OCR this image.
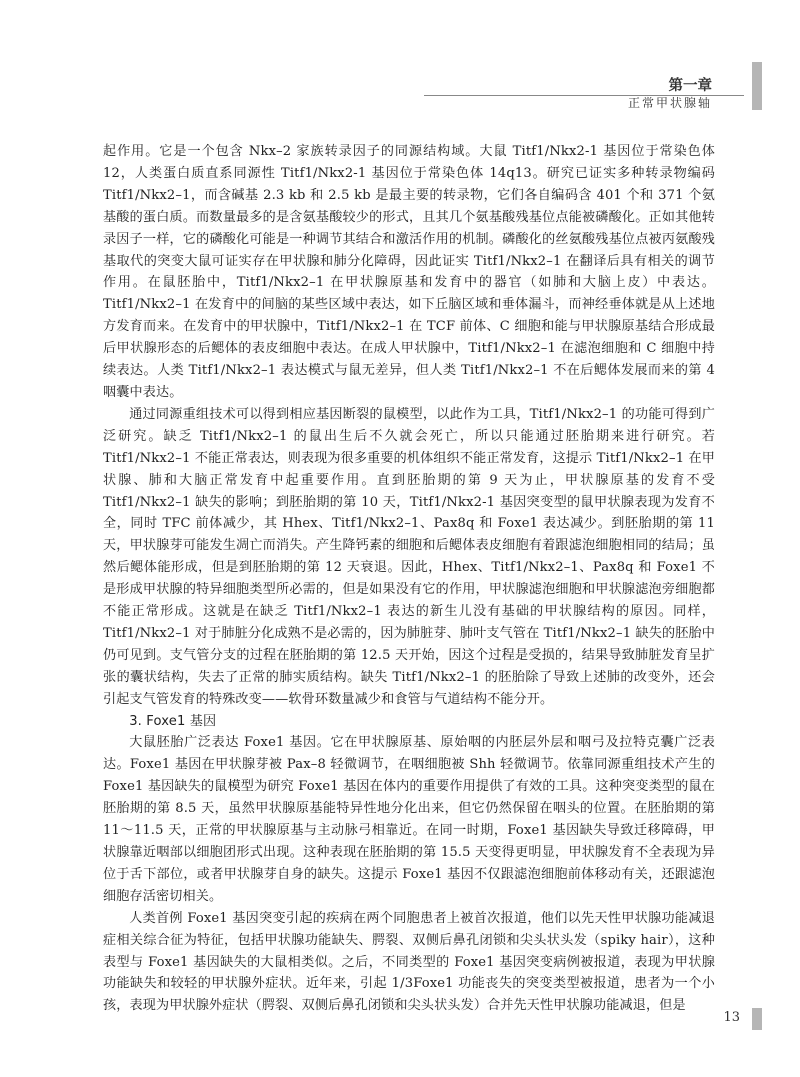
第一章
正常甲状腺轴

起作用。它是一个包含 Nkx–2 家族转录因子的同源结构域。大鼠 Titf1/Nkx2-1 基因位于常染色体 12，人类蛋白质直系同源性 Titf1/Nkx2-1 基因位于常染色体 14q13。研究已证实多种转录物编码 Titf1/Nkx2–1，而含碱基 2.3 kb 和 2.5 kb 是最主要的转录物，它们各自编码含 401 个和 371 个氨基酸的蛋白质。而数量最多的是含氨基酸较少的形式，且其几个氨基酸残基位点能被磷酸化。正如其他转录因子一样，它的磷酸化可能是一种调节其结合和激活作用的机制。磷酸化的丝氨酸残基位点被丙氨酸残基取代的突变大鼠可证实存在甲状腺和肺分化障碍，因此证实 Titf1/Nkx2–1 在翻译后具有相关的调节作用。在鼠胚胎中，Titf1/Nkx2–1 在甲状腺原基和发育中的器官（如肺和大脑上皮）中表达。Titf1/Nkx2–1 在发育中的间脑的某些区域中表达，如下丘脑区域和垂体漏斗，而神经垂体就是从上述地方发育而来。在发育中的甲状腺中，Titf1/Nkx2–1 在 TCF 前体、C 细胞和能与甲状腺原基结合形成最后甲状腺形态的后鳃体的表皮细胞中表达。在成人甲状腺中，Titf1/Nkx2–1 在滤泡细胞和 C 细胞中持续表达。人类 Titf1/Nkx2–1 表达模式与鼠无差异，但人类 Titf1/Nkx2–1 不在后鳃体发展而来的第 4 咽囊中表达。

通过同源重组技术可以得到相应基因断裂的鼠模型，以此作为工具，Titf1/Nkx2–1 的功能可得到广泛研究。缺乏 Titf1/Nkx2–1 的鼠出生后不久就会死亡，所以只能通过胚胎期来进行研究。若 Titf1/Nkx2–1 不能正常表达，则表现为很多重要的机体组织不能正常发育，这提示 Titf1/Nkx2–1 在甲状腺、肺和大脑正常发育中起重要作用。直到胚胎期的第 9 天为止，甲状腺原基的发育不受 Titf1/Nkx2–1 缺失的影响；到胚胎期的第 10 天，Titf1/Nkx2-1 基因突变型的鼠甲状腺表现为发育不全，同时 TFC 前体减少，其 Hhex、Titf1/Nkx2–1、Pax8q 和 Foxe1 表达减少。到胚胎期的第 11 天，甲状腺芽可能发生凋亡而消失。产生降钙素的细胞和后鳃体表皮细胞有着跟滤泡细胞相同的结局；虽然后鳃体能形成，但是到胚胎期的第 12 天衰退。因此，Hhex、Titf1/Nkx2–1、Pax8q 和 Foxe1 不是形成甲状腺的特异细胞类型所必需的，但是如果没有它的作用，甲状腺滤泡细胞和甲状腺滤泡旁细胞都不能正常形成。这就是在缺乏 Titf1/Nkx2–1 表达的新生儿没有基础的甲状腺结构的原因。同样，Titf1/Nkx2–1 对于肺脏分化成熟不是必需的，因为肺脏芽、肺叶支气管在 Titf1/Nkx2–1 缺失的胚胎中仍可见到。支气管分支的过程在胚胎期的第 12.5 天开始，因这个过程是受损的，结果导致肺脏发育呈扩张的囊状结构，失去了正常的肺实质结构。缺失 Titf1/Nkx2–1 的胚胎除了导致上述肺的改变外，还会引起支气管发育的特殊改变——软骨环数量减少和食管与气道结构不能分开。

3. Foxe1 基因

大鼠胚胎广泛表达 Foxe1 基因。它在甲状腺原基、原始咽的内胚层外层和咽弓及拉特克囊广泛表达。Foxe1 基因在甲状腺芽被 Pax–8 轻微调节，在咽细胞被 Shh 轻微调节。依靠同源重组技术产生的 Foxe1 基因缺失的鼠模型为研究 Foxe1 基因在体内的重要作用提供了有效的工具。这种突变类型的鼠在胚胎期的第 8.5 天，虽然甲状腺原基能特异性地分化出来，但它仍然保留在咽头的位置。在胚胎期的第 11～11.5 天，正常的甲状腺原基与主动脉弓相靠近。在同一时期，Foxe1 基因缺失导致迁移障碍，甲状腺靠近咽部以细胞团形式出现。这种表现在胚胎期的第 15.5 天变得更明显，甲状腺发育不全表现为异位于舌下部位，或者甲状腺芽自身的缺失。这提示 Foxe1 基因不仅跟滤泡细胞前体移动有关，还跟滤泡细胞存活密切相关。

人类首例 Foxe1 基因突变引起的疾病在两个同胞患者上被首次报道，他们以先天性甲状腺功能减退症相关综合征为特征，包括甲状腺功能缺失、腭裂、双侧后鼻孔闭锁和尖头状头发（spiky hair），这种表型与 Foxe1 基因缺失的大鼠相类似。之后，不同类型的 Foxe1 基因突变病例被报道，表现为甲状腺功能缺失和较轻的甲状腺外症状。近年来，引起 1/3Foxe1 功能丧失的突变类型被报道，患者为一个小孩，表现为甲状腺外症状（腭裂、双侧后鼻孔闭锁和尖头状头发）合并先天性甲状腺功能减退，但是

13
